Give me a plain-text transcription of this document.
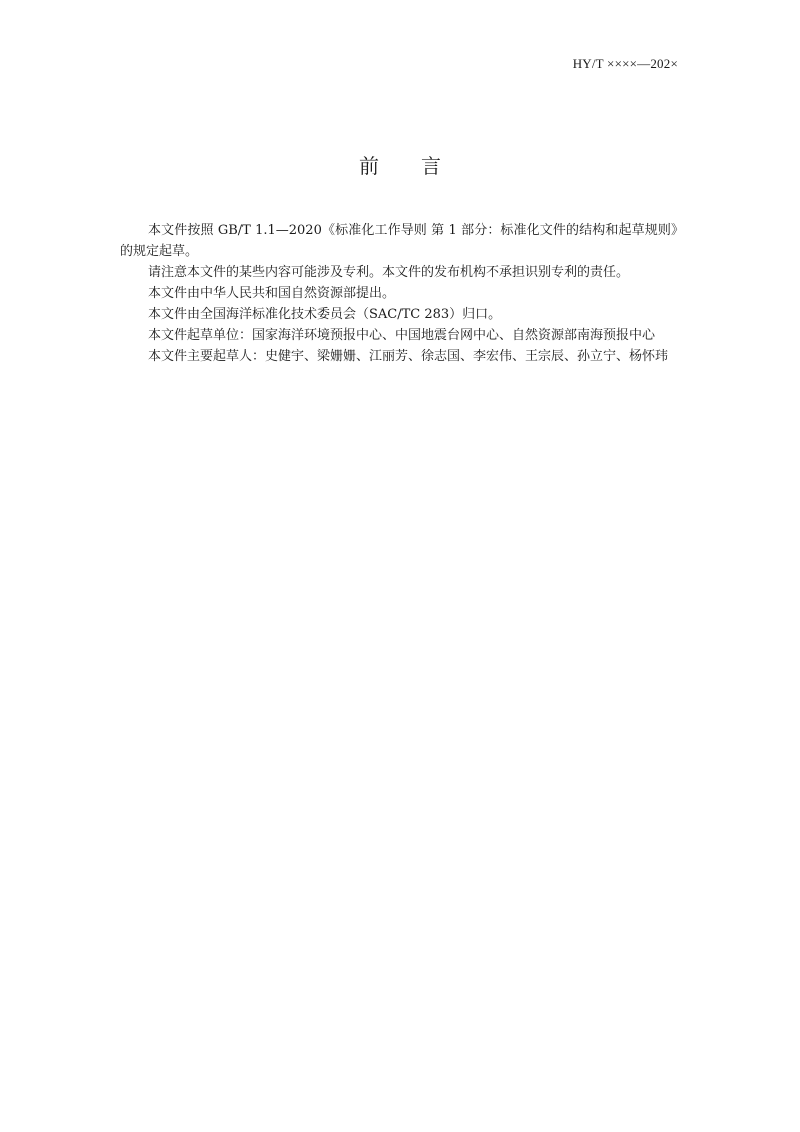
HY/T ××××—202×
前言

本文件按照 GB/T 1.1—2020《标准化工作导则 第 1 部分：标准化文件的结构和起草规则》 的规定起草。

请注意本文件的某些内容可能涉及专利。本文件的发布机构不承担识别专利的责任。

本文件由中华人民共和国自然资源部提出。

本文件由全国海洋标准化技术委员会（SAC/TC 283）归口。

本文件起草单位：国家海洋环境预报中心、中国地震台网中心、自然资源部南海预报中心

本文件主要起草人：史健宇、梁姗姗、江丽芳、徐志国、李宏伟、王宗辰、孙立宁、杨怀玮
